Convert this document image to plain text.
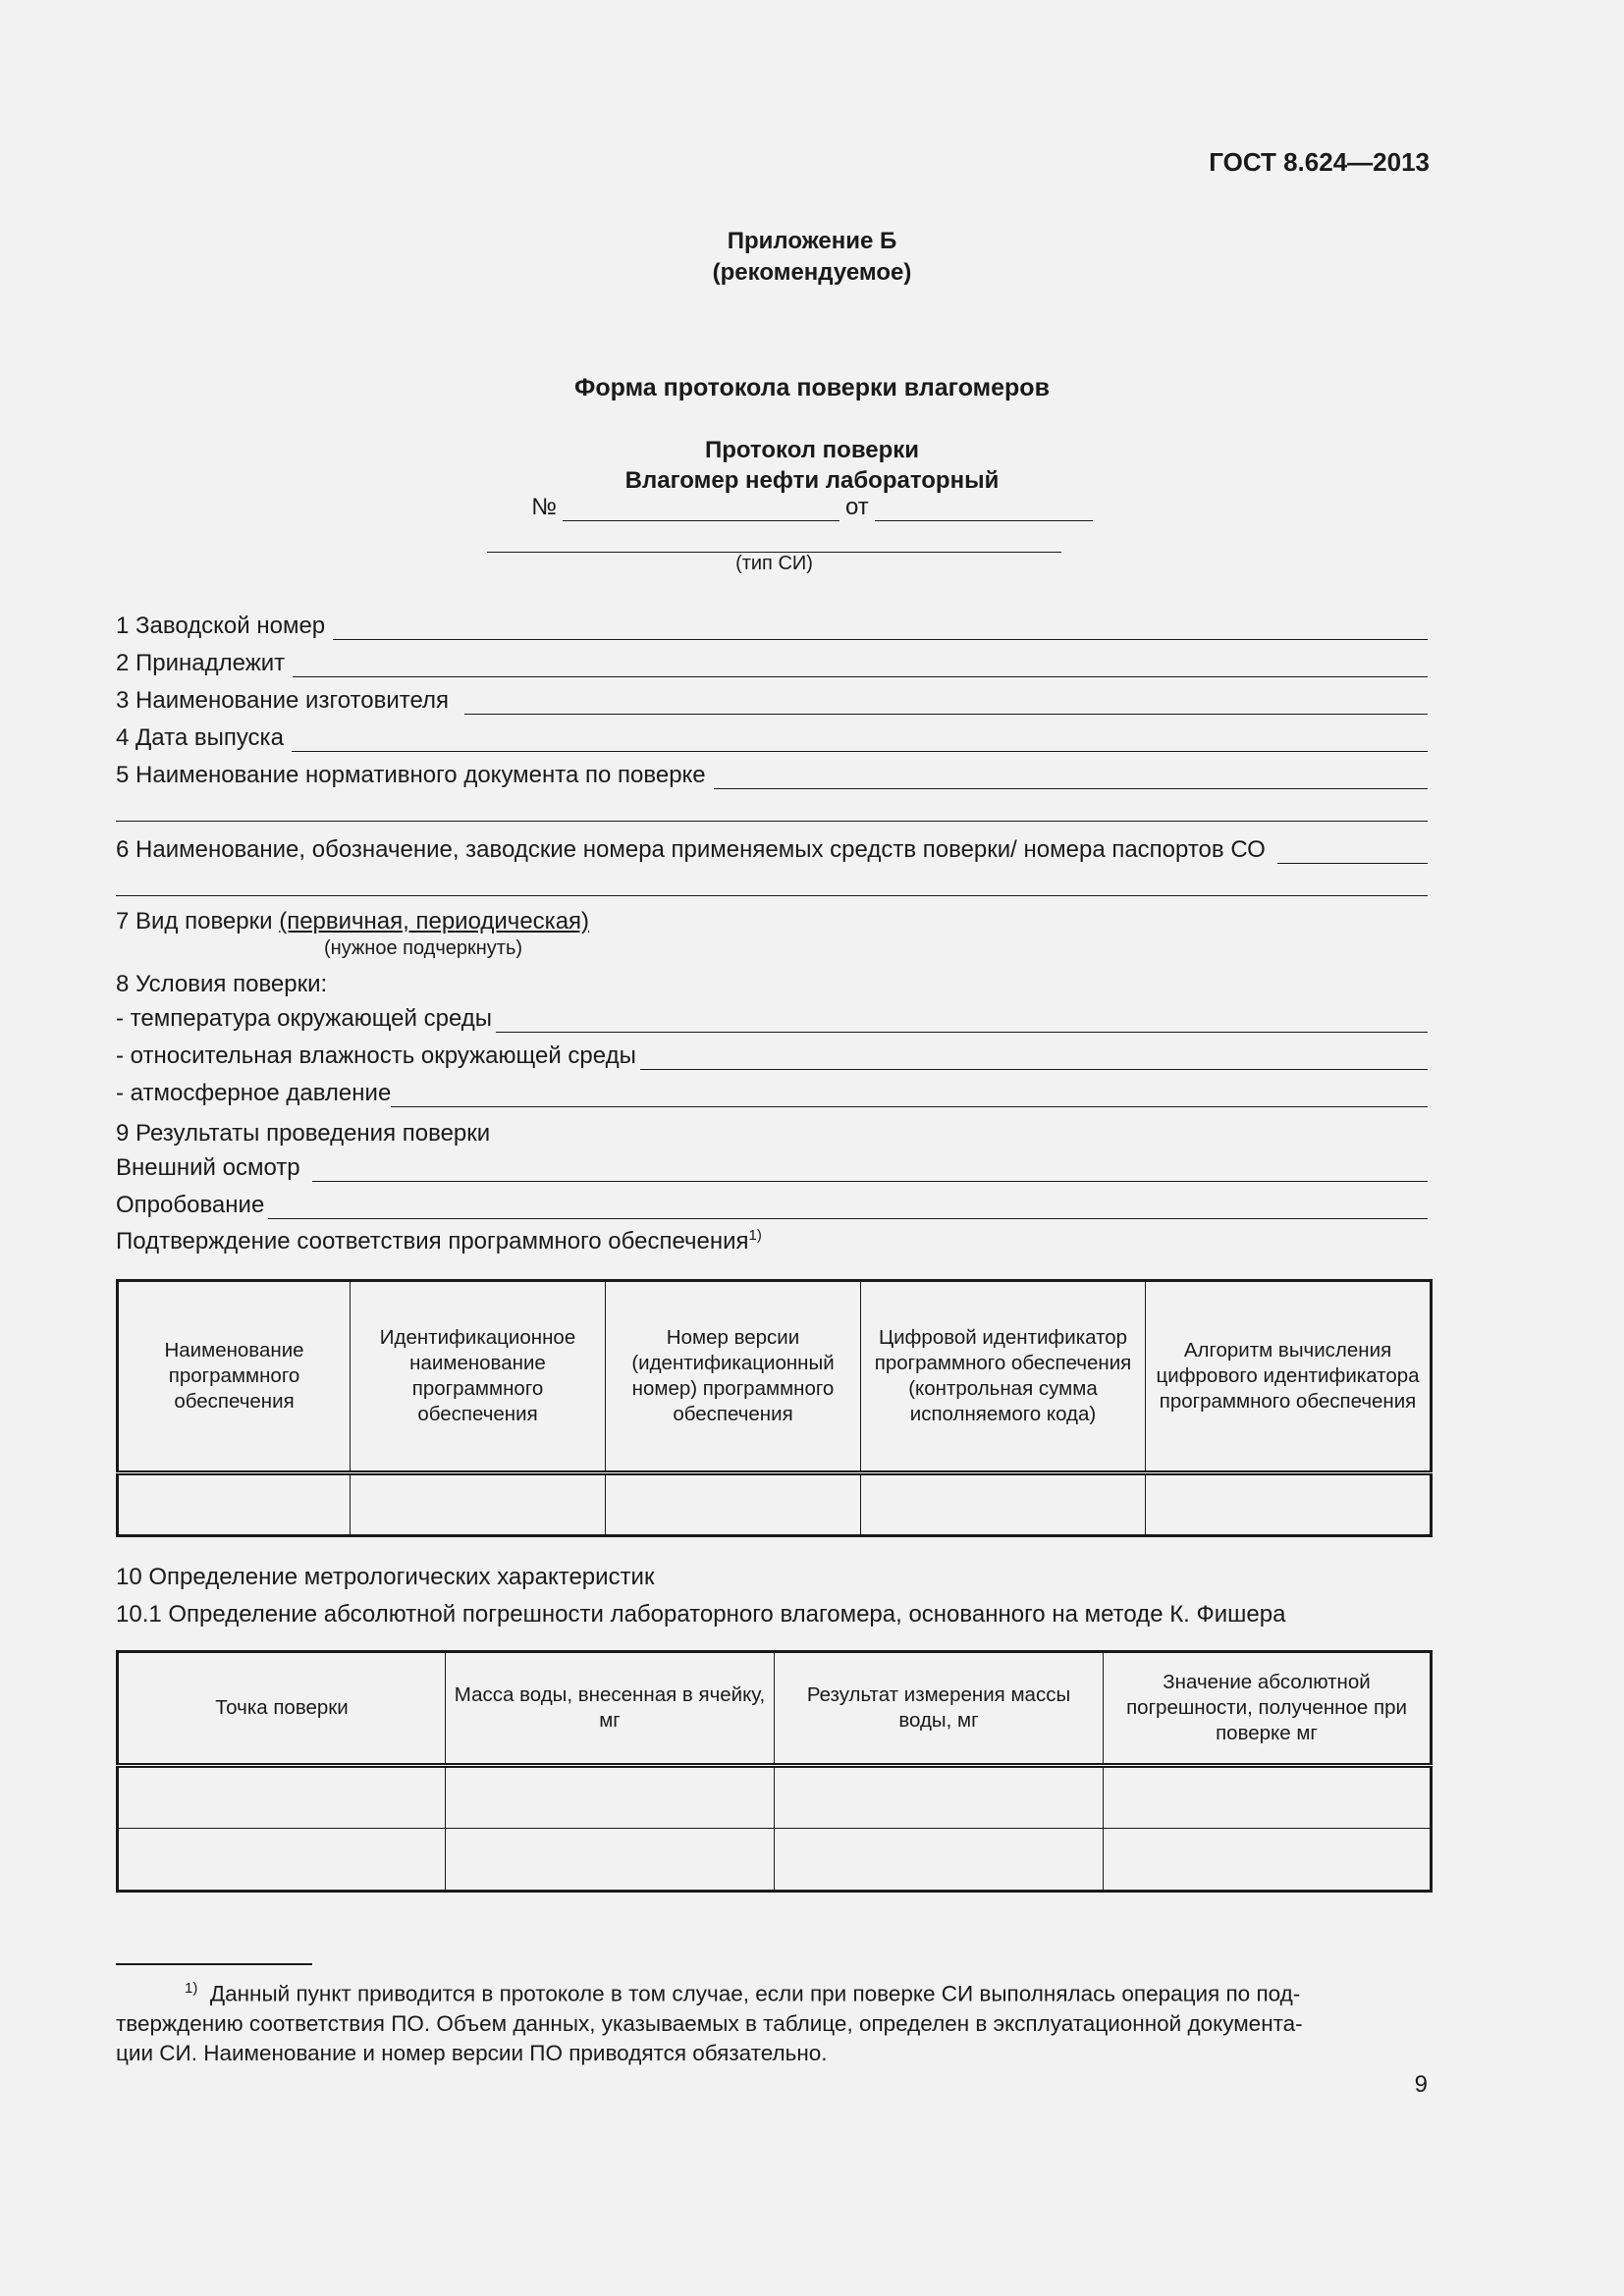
ГОСТ 8.624—2013
Приложение Б
(рекомендуемое)
Форма протокола поверки влагомеров
Протокол поверки
Влагомер нефти лабораторный
№	от
(тип СИ)
1 Заводской номер
2 Принадлежит
3 Наименование изготовителя
4 Дата выпуска
5 Наименование нормативного документа по поверке
6 Наименование, обозначение, заводские номера применяемых средств поверки/ номера паспортов СО
7 Вид поверки (первичная, периодическая)
(нужное подчеркнуть)
8 Условия поверки:
- температура окружающей среды
- относительная влажность окружающей среды
- атмосферное давление
9 Результаты проведения поверки
Внешний осмотр
Опробование
Подтверждение соответствия программного обеспечения$^{1)}$
Наименование программного обеспечения	Идентификационное наименование программного обеспечения	Номер версии (идентификационный номер) программного обеспечения	Цифровой идентификатор программного обеспечения (контрольная сумма исполняемого кода)	Алгоритм вычисления цифрового идентификатора программного обеспечения

10 Определение метрологических характеристик
10.1 Определение абсолютной погрешности лабораторного влагомера, основанного на методе К. Фишера
Точка поверки	Масса воды, внесенная в ячейку, мг	Результат измерения массы воды, мг	Значение абсолютной погрешности, полученное при поверке мг

$^{1)}$ Данный пункт приводится в протоколе в том случае, если при поверке СИ выполнялась операция по под-
тверждению соответствия ПО. Объем данных, указываемых в таблице, определен в эксплуатационной документа-
ции СИ. Наименование и номер версии ПО приводятся обязательно.
9
